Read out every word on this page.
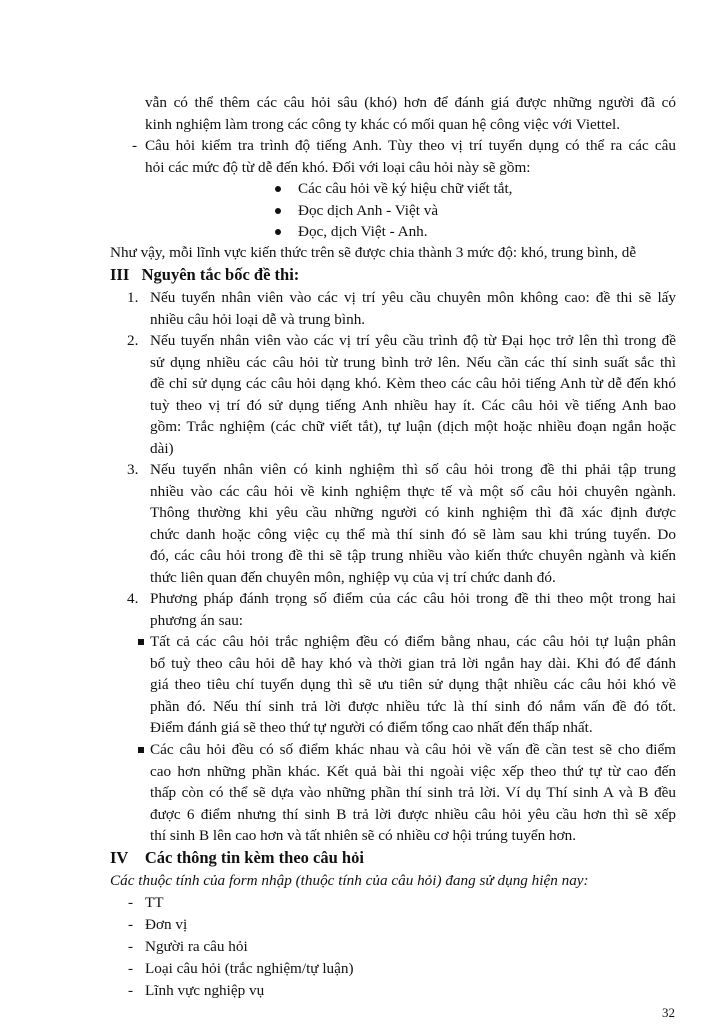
vẫn có thể thêm các câu hỏi sâu (khó) hơn để đánh giá được những người đã có
kinh nghiệm làm trong các công ty khác có mối quan hệ công việc với Viettel.
- Câu hỏi kiểm tra trình độ tiếng Anh. Tùy theo vị trí tuyển dụng có thể ra các câu
hỏi các mức độ từ dễ đến khó. Đối với loại câu hỏi này sẽ gồm:
Các câu hỏi về ký hiệu chữ viết tắt,
Đọc dịch Anh - Việt và
Đọc, dịch Việt - Anh.
Như vậy, mỗi lĩnh vực kiến thức trên sẽ được chia thành 3 mức độ: khó, trung bình, dễ
III Nguyên tắc bốc đề thi:
1. Nếu tuyển nhân viên vào các vị trí yêu cầu chuyên môn không cao: đề thi sẽ lấy
nhiều câu hỏi loại dễ và trung bình.
2. Nếu tuyển nhân viên vào các vị trí yêu cầu trình độ từ Đại học trở lên thì trong đề
sử dụng nhiều các câu hỏi từ trung bình trở lên. Nếu cần các thí sinh suất sắc thì
đề chỉ sử dụng các câu hỏi dạng khó. Kèm theo các câu hỏi tiếng Anh từ dễ đến khó
tuỳ theo vị trí đó sử dụng tiếng Anh nhiều hay ít. Các câu hỏi về tiếng Anh bao
gồm: Trắc nghiệm (các chữ viết tắt), tự luận (dịch một hoặc nhiều đoạn ngắn hoặc
dài)
3. Nếu tuyển nhân viên có kinh nghiệm thì số câu hỏi trong đề thi phải tập trung
nhiều vào các câu hỏi về kinh nghiệm thực tế và một số câu hỏi chuyên ngành.
Thông thường khi yêu cầu những người có kinh nghiệm thì đã xác định được
chức danh hoặc công việc cụ thể mà thí sinh đó sẽ làm sau khi trúng tuyển. Do
đó, các câu hỏi trong đề thi sẽ tập trung nhiều vào kiến thức chuyên ngành và kiến
thức liên quan đến chuyên môn, nghiệp vụ của vị trí chức danh đó.
4. Phương pháp đánh trọng số điểm của các câu hỏi trong đề thi theo một trong hai
phương án sau:
Tất cả các câu hỏi trắc nghiệm đều có điểm bằng nhau, các câu hỏi tự luận phân
bổ tuỳ theo câu hỏi dễ hay khó và thời gian trả lời ngắn hay dài. Khi đó để đánh
giá theo tiêu chí tuyển dụng thì sẽ ưu tiên sử dụng thật nhiều các câu hỏi khó về
phần đó. Nếu thí sinh trả lời được nhiều tức là thí sinh đó nắm vấn đề đó tốt.
Điểm đánh giá sẽ theo thứ tự người có điểm tổng cao nhất đến thấp nhất.
Các câu hỏi đều có số điểm khác nhau và câu hỏi về vấn đề cần test sẽ cho điểm
cao hơn những phần khác. Kết quả bài thi ngoài việc xếp theo thứ tự từ cao đến
thấp còn có thể sẽ dựa vào những phần thí sinh trả lời. Ví dụ Thí sinh A và B đều
được 6 điểm nhưng thí sinh B trả lời được nhiều câu hỏi yêu cầu hơn thì sẽ xếp
thí sinh B lên cao hơn và tất nhiên sẽ có nhiều cơ hội trúng tuyển hơn.
IV Các thông tin kèm theo câu hỏi
Các thuộc tính của form nhập (thuộc tính của câu hỏi) đang sử dụng hiện nay:
- TT
- Đơn vị
- Người ra câu hỏi
- Loại câu hỏi (trắc nghiệm/tự luận)
- Lĩnh vực nghiệp vụ
32
